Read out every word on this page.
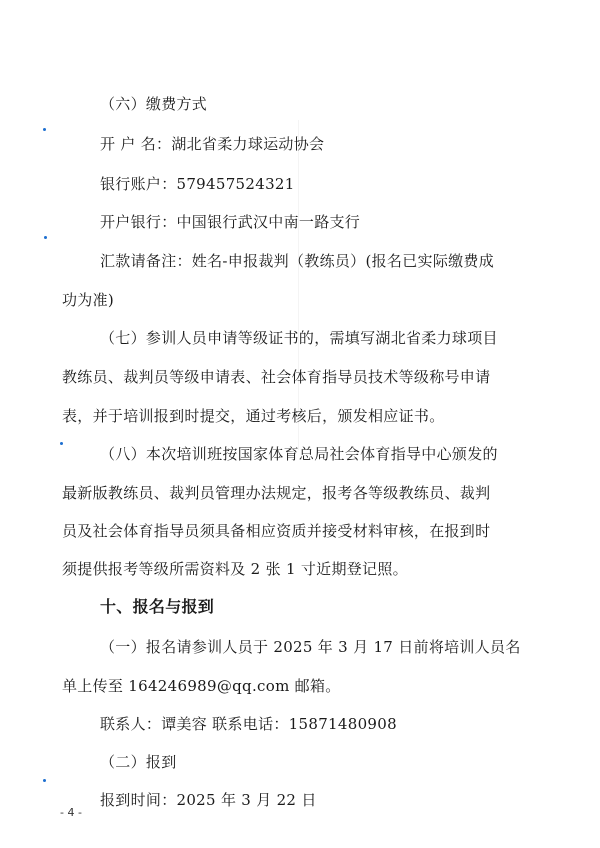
（六）缴费方式
开 户 名：湖北省柔力球运动协会
银行账户：579457524321
开户银行：中国银行武汉中南一路支行
汇款请备注：姓名-申报裁判（教练员）(报名已实际缴费成
功为准)
（七）参训人员申请等级证书的，需填写湖北省柔力球项目
教练员、裁判员等级申请表、社会体育指导员技术等级称号申请
表，并于培训报到时提交，通过考核后，颁发相应证书。
（八）本次培训班按国家体育总局社会体育指导中心颁发的
最新版教练员、裁判员管理办法规定，报考各等级教练员、裁判
员及社会体育指导员须具备相应资质并接受材料审核，在报到时
须提供报考等级所需资料及 2 张 1 寸近期登记照。
十、报名与报到
（一）报名请参训人员于 2025 年 3 月 17 日前将培训人员名
单上传至 164246989@qq.com 邮箱。
联系人：谭美容 联系电话：15871480908
（二）报到
报到时间：2025 年 3 月 22 日
- 4 -
